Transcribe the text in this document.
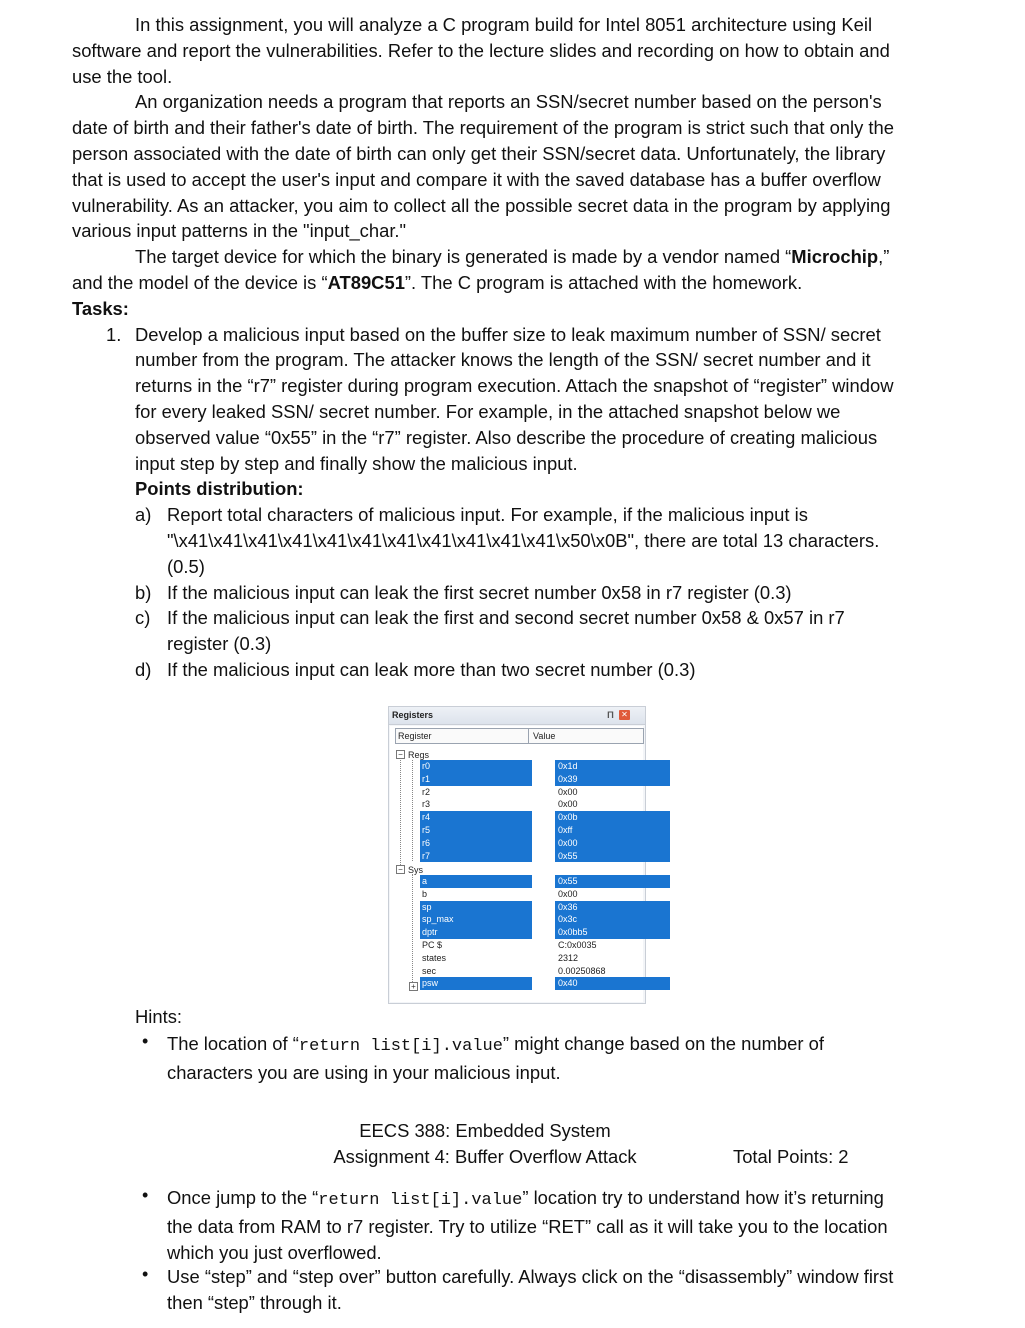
In this assignment, you will analyze a C program build for Intel 8051 architecture using Keil software and report the vulnerabilities. Refer to the lecture slides and recording on how to obtain and use the tool.

An organization needs a program that reports an SSN/secret number based on the person's date of birth and their father's date of birth. The requirement of the program is strict such that only the person associated with the date of birth can only get their SSN/secret data. Unfortunately, the library that is used to accept the user's input and compare it with the saved database has a buffer overflow vulnerability. As an attacker, you aim to collect all the possible secret data in the program by applying various input patterns in the "input_char."

The target device for which the binary is generated is made by a vendor named “Microchip,” and the model of the device is “AT89C51”. The C program is attached with the homework.

Tasks:

1. Develop a malicious input based on the buffer size to leak maximum number of SSN/ secret number from the program. The attacker knows the length of the SSN/ secret number and it returns in the “r7” register during program execution. Attach the snapshot of “register” window for every leaked SSN/ secret number. For example, in the attached snapshot below we observed value “0x55” in the “r7” register. Also describe the procedure of creating malicious input step by step and finally show the malicious input.
Points distribution:
a) Report total characters of malicious input. For example, if the malicious input is "\x41\x41\x41\x41\x41\x41\x41\x41\x41\x41\x41\x50\x0B", there are total 13 characters. (0.5)
b) If the malicious input can leak the first secret number 0x58 in r7 register (0.3)
c) If the malicious input can leak the first and second secret number 0x58 & 0x57 in r7 register (0.3)
d) If the malicious input can leak more than two secret number (0.3)
Registers	𝚷 ✕
Register	Value
− Regs
− Sys
+
r0	0x1d
r1	0x39
r2	0x00
r3	0x00
r4	0x0b
r5	0xff
r6	0x00
r7	0x55
a	0x55
b	0x00
sp	0x36
sp_max	0x3c
dptr	0x0bb5
PC $	C:0x0035
states	2312
sec	0.00250868
psw	0x40
Hints:
• The location of “return list[i].value” might change based on the number of characters you are using in your malicious input.
EECS 388: Embedded System
Assignment 4: Buffer Overflow Attack	Total Points: 2
• Once jump to the “return list[i].value” location try to understand how it’s returning the data from RAM to r7 register. Try to utilize “RET” call as it will take you to the location which you just overflowed.
• Use “step” and “step over” button carefully. Always click on the “disassembly” window first then “step” through it.
